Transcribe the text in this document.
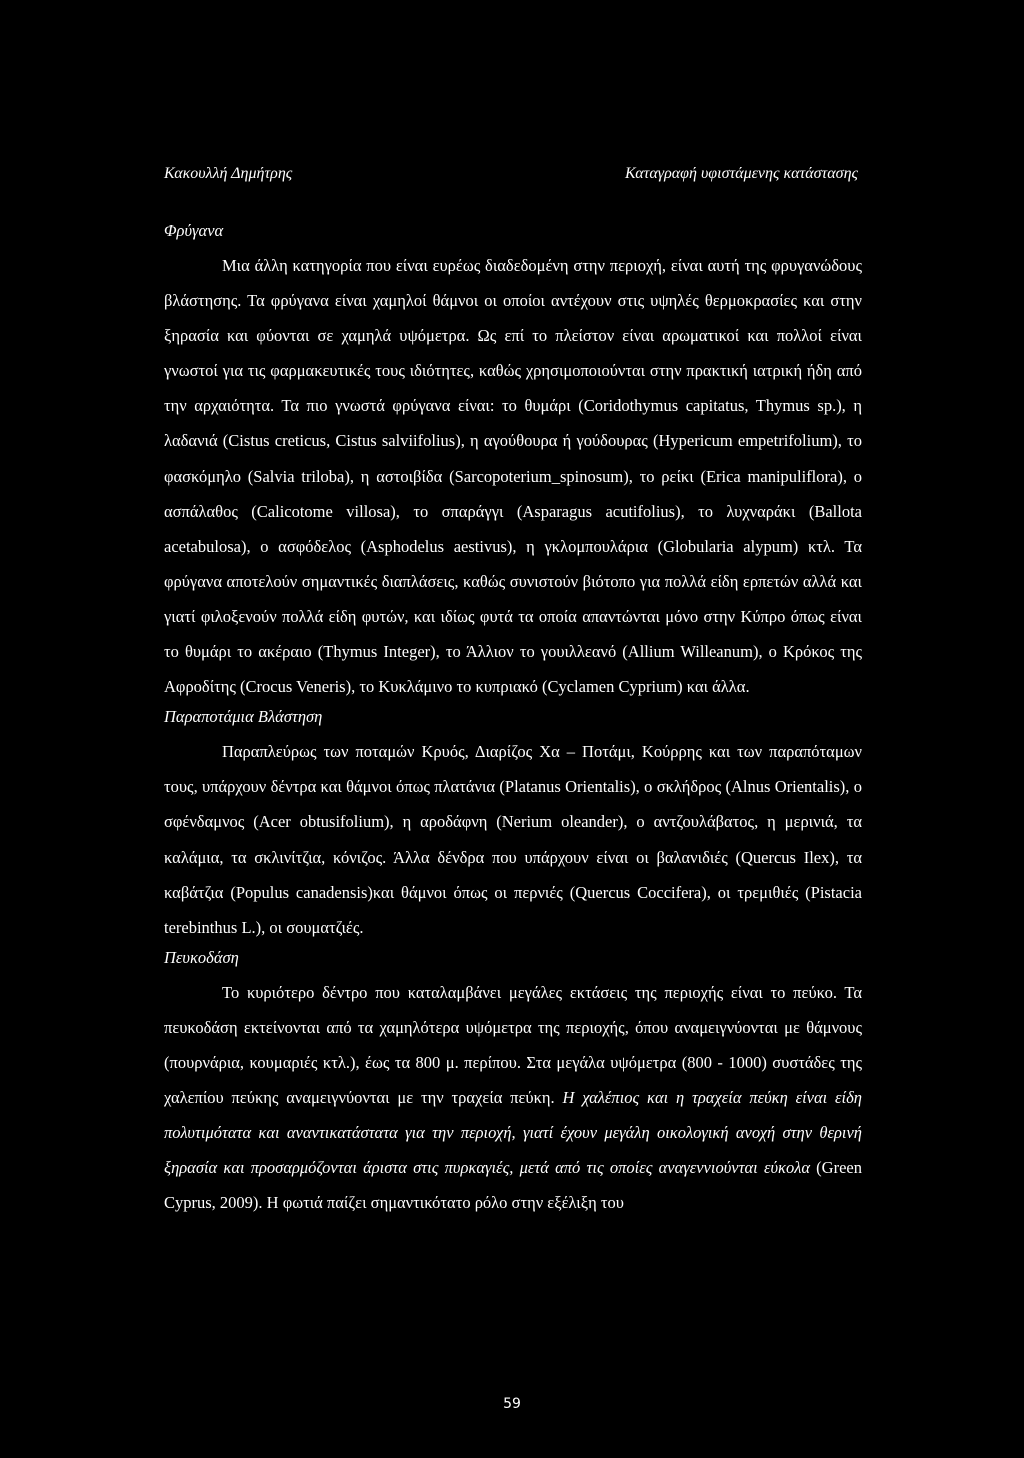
Κακουλλή Δημήτρης	Καταγραφή υφιστάμενης κατάστασης

Φρύγανα

Μια άλλη κατηγορία που είναι ευρέως διαδεδομένη στην περιοχή, είναι αυτή της φρυγανώδους βλάστησης. Τα φρύγανα είναι χαμηλοί θάμνοι οι οποίοι αντέχουν στις υψηλές θερμοκρασίες και στην ξηρασία και φύονται σε χαμηλά υψόμετρα. Ως επί το πλείστον είναι αρωματικοί και πολλοί είναι γνωστοί για τις φαρμακευτικές τους ιδιότητες, καθώς χρησιμοποιούνται στην πρακτική ιατρική ήδη από την αρχαιότητα. Τα πιο γνωστά φρύγανα είναι: το θυμάρι (Coridothymus capitatus, Thymus sp.), η λαδανιά (Cistus creticus, Cistus salviifolius), η αγούθουρα ή γούδουρας (Hypericum empetrifolium), το φασκόμηλο (Salvia triloba), η αστοιβίδα (Sarcopoterium_spinosum), το ρείκι (Erica manipuliflora), ο ασπάλαθος (Calicotome villosa), το σπαράγγι (Asparagus acutifolius), το λυχναράκι (Ballota acetabulosa), ο ασφόδελος (Asphodelus aestivus), η γκλομπουλάρια (Globularia alypum) κτλ. Τα φρύγανα αποτελούν σημαντικές διαπλάσεις, καθώς συνιστούν βιότοπο για πολλά είδη ερπετών αλλά και γιατί φιλοξενούν πολλά είδη φυτών, και ιδίως φυτά τα οποία απαντώνται μόνο στην Κύπρο όπως είναι το θυμάρι το ακέραιο (Thymus Integer), το Άλλιον το γουιλλεανό (Allium Willeanum), ο Κρόκος της Αφροδίτης (Crocus Veneris), το Κυκλάμινο το κυπριακό (Cyclamen Cyprium) και άλλα.

Παραποτάμια Βλάστηση

Παραπλεύρως των ποταμών Κρυός, Διαρίζος Χα – Ποτάμι, Κούρρης και των παραπόταμων τους, υπάρχουν δέντρα και θάμνοι όπως πλατάνια (Platanus Orientalis), ο σκλήδρος (Alnus Orientalis), ο σφένδαμνος (Acer obtusifolium), η αροδάφνη (Nerium oleander), ο αντζουλάβατος, η μερινιά, τα καλάμια, τα σκλινίτζια, κόνιζος. Άλλα δένδρα που υπάρχουν είναι οι βαλανιδιές (Quercus Ilex), τα καβάτζια (Populus canadensis)και θάμνοι όπως οι περνιές (Quercus Coccifera), οι τρεμιθιές (Pistacia terebinthus L.), οι σουματζιές.

Πευκοδάση

Το κυριότερο δέντρο που καταλαμβάνει μεγάλες εκτάσεις της περιοχής είναι το πεύκο. Τα πευκοδάση εκτείνονται από τα χαμηλότερα υψόμετρα της περιοχής, όπου αναμειγνύονται με θάμνους (πουρνάρια, κουμαριές κτλ.), έως τα 800 μ. περίπου. Στα μεγάλα υψόμετρα (800 - 1000) συστάδες της χαλεπίου πεύκης αναμειγνύονται με την τραχεία πεύκη. Η χαλέπιος και η τραχεία πεύκη είναι είδη πολυτιμότατα και αναντικατάστατα για την περιοχή, γιατί έχουν μεγάλη οικολογική ανοχή στην θερινή ξηρασία και προσαρμόζονται άριστα στις πυρκαγιές, μετά από τις οποίες αναγεννιούνται εύκολα (Green Cyprus, 2009). Η φωτιά παίζει σημαντικότατο ρόλο στην εξέλιξη του

59
